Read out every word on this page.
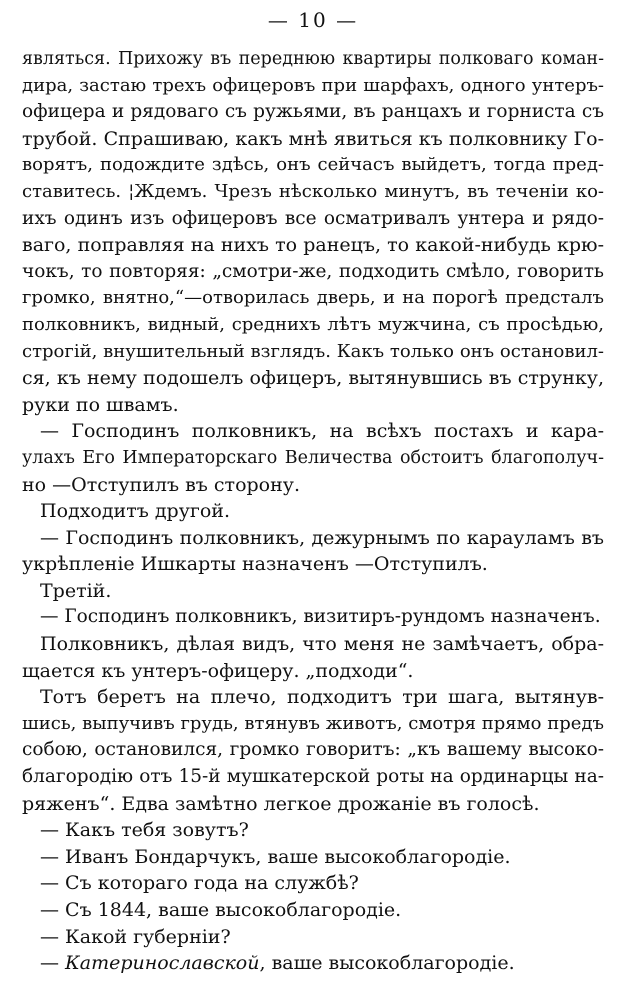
— 10 —
являться. Прихожу въ переднюю квартиры полковаго коман-
дира, застаю трехъ офицеровъ при шарфахъ, одного унтеръ-
офицера и рядоваго съ ружьями, въ ранцахъ и горниста съ
трубой. Спрашиваю, какъ мнѣ явиться къ полковнику Го-
ворятъ, подождите здѣсь, онъ сейчасъ выйдетъ, тогда пред-
ставитесь. ¦Ждемъ. Чрезъ нѣсколько минутъ, въ теченіи ко-
ихъ одинъ изъ офицеровъ все осматривалъ унтера и рядо-
ваго, поправляя на нихъ то ранецъ, то какой-нибудь крю-
чокъ, то повторяя: „смотри-же, подходить смѣло, говорить
громко, внятно,“—отворилась дверь, и на порогѣ предсталъ
полковникъ, видный, среднихъ лѣтъ мужчина, съ просѣдью,
строгій, внушительный взглядъ. Какъ только онъ остановил-
ся, къ нему подошелъ офицеръ, вытянувшись въ струнку,
руки по швамъ.
— Господинъ полковникъ, на всѣхъ постахъ и кара-
улахъ Его Императорскаго Величества обстоитъ благополуч-
но —Отступилъ въ сторону.
Подходитъ другой.
— Господинъ полковникъ, дежурнымъ по карауламъ въ
укрѣпленіе Ишкарты назначенъ —Отступилъ.
Третій.
— Господинъ полковникъ, визитиръ-рундомъ назначенъ.
Полковникъ, дѣлая видъ, что меня не замѣчаетъ, обра-
щается къ унтеръ-офицеру. „подходи“.
Тотъ беретъ на плечо, подходитъ три шага, вытянув-
шись, выпучивъ грудь, втянувъ животъ, смотря прямо предъ
собою, остановился, громко говоритъ: „къ вашему высоко-
благородію отъ 15-й мушкатерской роты на ординарцы на-
ряженъ“. Едва замѣтно легкое дрожаніе въ голосѣ.
— Какъ тебя зовутъ?
— Иванъ Бондарчукъ, ваше высокоблагородіе.
— Съ котораго года на службѣ?
— Съ 1844, ваше высокоблагородіе.
— Какой губерніи?
— Катеринославской, ваше высокоблагородіе.
